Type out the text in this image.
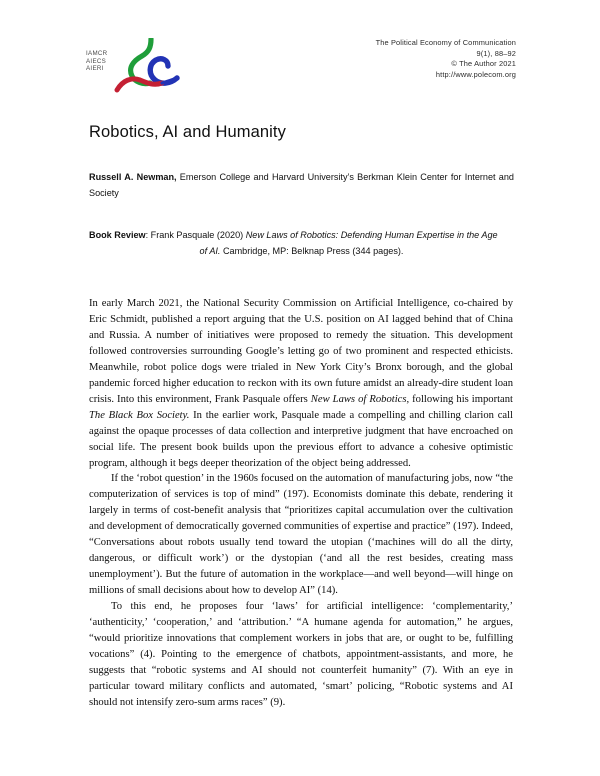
IAMCR
AIECS
AIERI
The Political Economy of Communication
9(1), 88–92
© The Author 2021
http://www.polecom.org
Robotics, AI and Humanity
Russell A. Newman, Emerson College and Harvard University’s Berkman Klein Center for Internet and Society
Book Review: Frank Pasquale (2020) New Laws of Robotics: Defending Human Expertise in the Age
of AI. Cambridge, MP: Belknap Press (344 pages).

In early March 2021, the National Security Commission on Artificial Intelligence, co-chaired by Eric Schmidt, published a report arguing that the U.S. position on AI lagged behind that of China and Russia. A number of initiatives were proposed to remedy the situation. This development followed controversies surrounding Google’s letting go of two prominent and respected ethicists. Meanwhile, robot police dogs were trialed in New York City’s Bronx borough, and the global pandemic forced higher education to reckon with its own future amidst an already-dire student loan crisis. Into this environment, Frank Pasquale offers New Laws of Robotics, following his important The Black Box Society. In the earlier work, Pasquale made a compelling and chilling clarion call against the opaque processes of data collection and interpretive judgment that have encroached on social life. The present book builds upon the previous effort to advance a cohesive optimistic program, although it begs deeper theorization of the object being addressed.

If the ‘robot question’ in the 1960s focused on the automation of manufacturing jobs, now “the computerization of services is top of mind” (197). Economists dominate this debate, rendering it largely in terms of cost-benefit analysis that “prioritizes capital accumulation over the cultivation and development of democratically governed communities of expertise and practice” (197). Indeed, “Conversations about robots usually tend toward the utopian (‘machines will do all the dirty, dangerous, or difficult work’) or the dystopian (‘and all the rest besides, creating mass unemployment’). But the future of automation in the workplace—and well beyond—will hinge on millions of small decisions about how to develop AI” (14).

To this end, he proposes four ‘laws’ for artificial intelligence: ‘complementarity,’ ‘authenticity,’ ‘cooperation,’ and ‘attribution.’ “A humane agenda for automation,” he argues, “would prioritize innovations that complement workers in jobs that are, or ought to be, fulfilling vocations” (4). Pointing to the emergence of chatbots, appointment-assistants, and more, he suggests that “robotic systems and AI should not counterfeit humanity” (7). With an eye in particular toward military conflicts and automated, ‘smart’ policing, “Robotic systems and AI should not intensify zero-sum arms races” (9).
